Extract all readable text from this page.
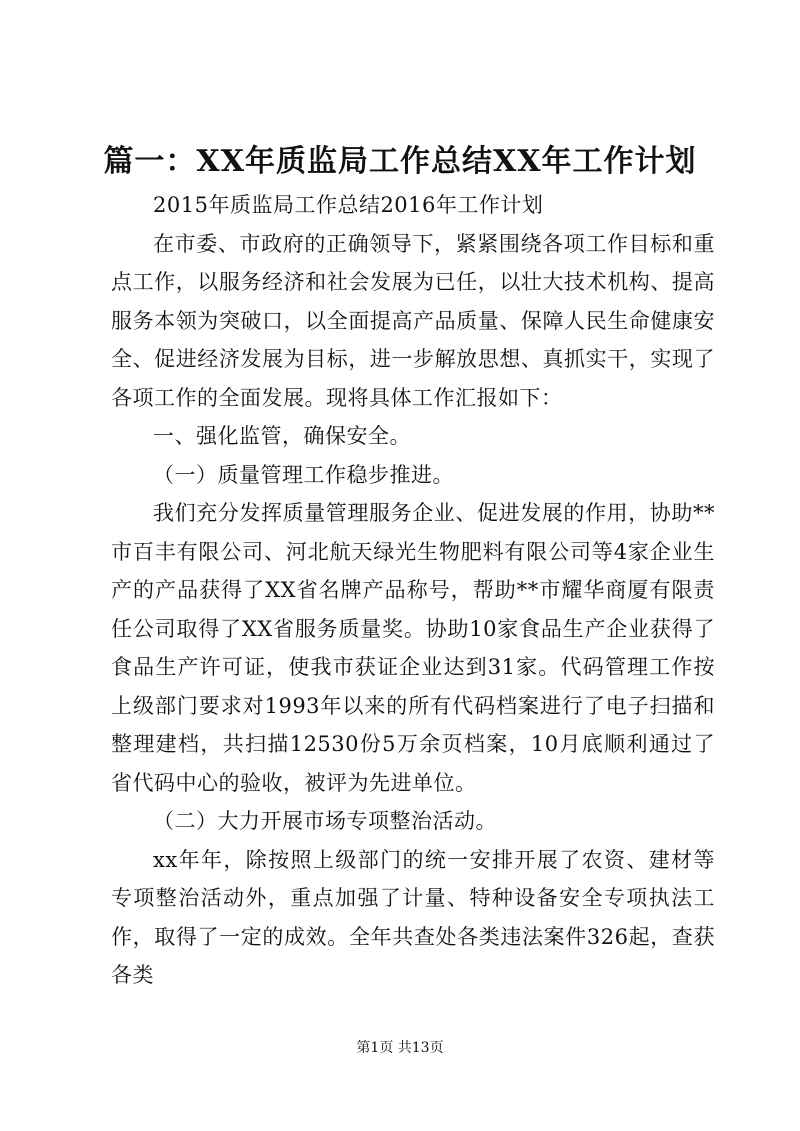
篇一：XX年质监局工作总结XX年工作计划

2015年质监局工作总结2016年工作计划

在市委、市政府的正确领导下，紧紧围绕各项工作目标和重点工作，以服务经济和社会发展为已任，以壮大技术机构、提高服务本领为突破口，以全面提高产品质量、保障人民生命健康安全、促进经济发展为目标，进一步解放思想、真抓实干，实现了各项工作的全面发展。现将具体工作汇报如下：

一、强化监管，确保安全。

（一）质量管理工作稳步推进。

我们充分发挥质量管理服务企业、促进发展的作用，协助**市百丰有限公司、河北航天绿光生物肥料有限公司等4家企业生产的产品获得了XX省名牌产品称号，帮助**市耀华商厦有限责任公司取得了XX省服务质量奖。协助10家食品生产企业获得了食品生产许可证，使我市获证企业达到31家。代码管理工作按上级部门要求对1993年以来的所有代码档案进行了电子扫描和整理建档，共扫描12530份5万余页档案，10月底顺利通过了省代码中心的验收，被评为先进单位。

（二）大力开展市场专项整治活动。

xx年年，除按照上级部门的统一安排开展了农资、建材等专项整治活动外，重点加强了计量、特种设备安全专项执法工作，取得了一定的成效。全年共查处各类违法案件326起，查获各类

第1页 共13页
